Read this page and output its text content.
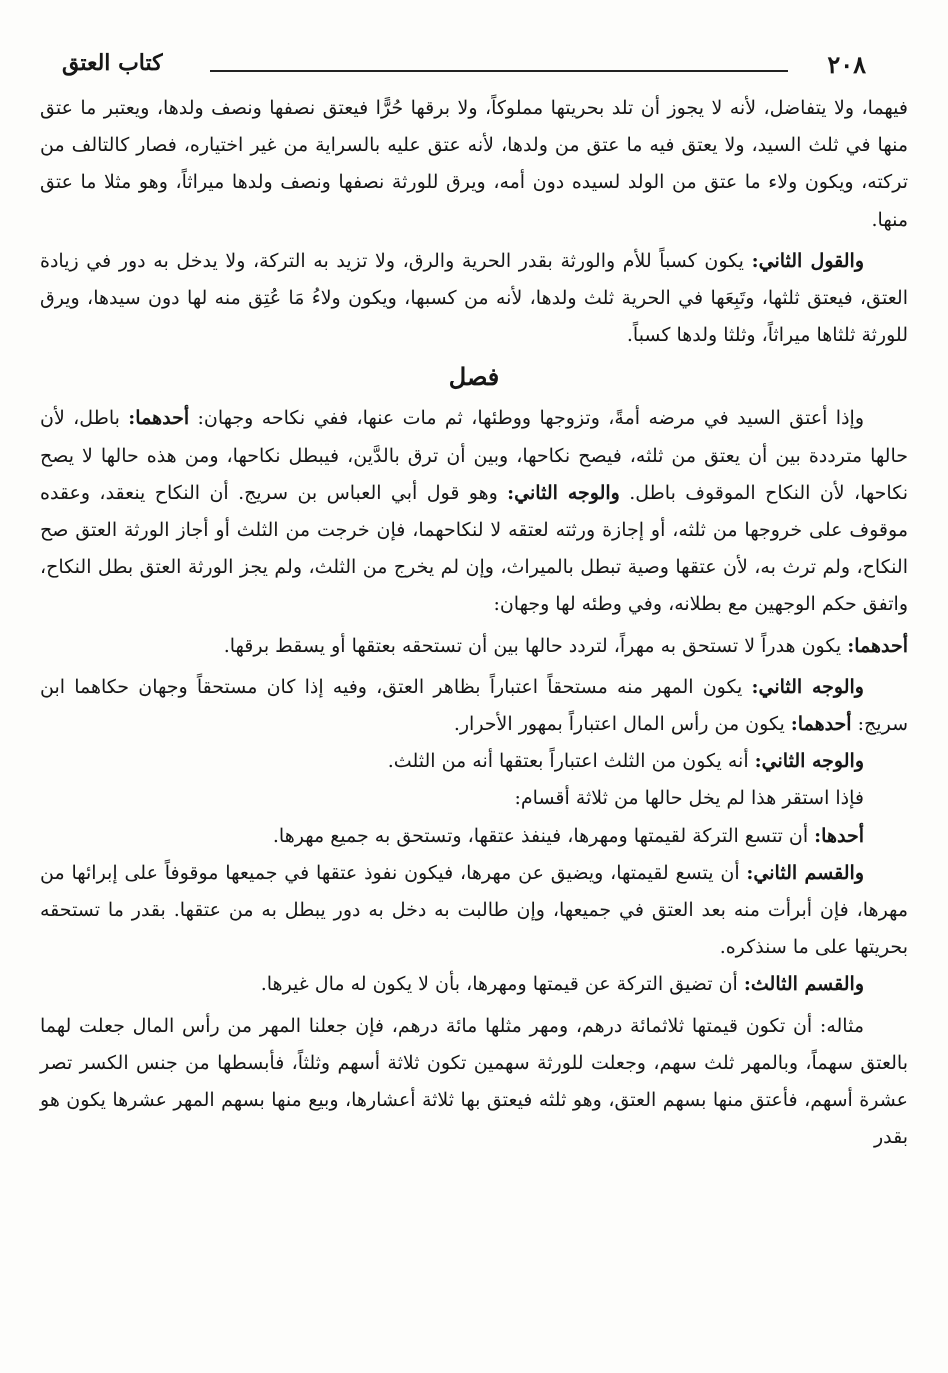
٢٠٨
كتاب العتق

فيهما، ولا يتفاضل، لأنه لا يجوز أن تلد بحريتها مملوكاً، ولا برقها حُرًّا فيعتق نصفها ونصف ولدها، ويعتبر ما عتق منها في ثلث السيد، ولا يعتق فيه ما عتق من ولدها، لأنه عتق عليه بالسراية من غير اختياره، فصار كالتالف من تركته، ويكون ولاء ما عتق من الولد لسيده دون أمه، ويرق للورثة نصفها ونصف ولدها ميراثاً، وهو مثلا ما عتق منها.

والقول الثاني: يكون كسباً للأم والورثة بقدر الحرية والرق، ولا تزيد به التركة، ولا يدخل به دور في زيادة العتق، فيعتق ثلثها، وتَبِعَها في الحرية ثلث ولدها، لأنه من كسبها، ويكون ولاءُ مَا عُتِق منه لها دون سيدها، ويرق للورثة ثلثاها ميراثاً، وثلثا ولدها كسباً.

فصل

وإذا أعتق السيد في مرضه أمةً، وتزوجها ووطئها، ثم مات عنها، ففي نكاحه وجهان: أحدهما: باطل، لأن حالها مترددة بين أن يعتق من ثلثه، فيصح نكاحها، وبين أن ترق بالدَّين، فيبطل نكاحها، ومن هذه حالها لا يصح نكاحها، لأن النكاح الموقوف باطل. والوجه الثاني: وهو قول أبي العباس بن سريج. أن النكاح ينعقد، وعقده موقوف على خروجها من ثلثه، أو إجازة ورثته لعتقه لا لنكاحهما، فإن خرجت من الثلث أو أجاز الورثة العتق صح النكاح، ولم ترث به، لأن عتقها وصية تبطل بالميراث، وإن لم يخرج من الثلث، ولم يجز الورثة العتق بطل النكاح، واتفق حكم الوجهين مع بطلانه، وفي وطئه لها وجهان:

أحدهما: يكون هدراً لا تستحق به مهراً، لتردد حالها بين أن تستحقه بعتقها أو يسقط برقها.

والوجه الثاني: يكون المهر منه مستحقاً اعتباراً بظاهر العتق، وفيه إذا كان مستحقاً وجهان حكاهما ابن سريج: أحدهما: يكون من رأس المال اعتباراً بمهور الأحرار.

والوجه الثاني: أنه يكون من الثلث اعتباراً بعتقها أنه من الثلث.

فإذا استقر هذا لم يخل حالها من ثلاثة أقسام:

أحدها: أن تتسع التركة لقيمتها ومهرها، فينفذ عتقها، وتستحق به جميع مهرها.

والقسم الثاني: أن يتسع لقيمتها، ويضيق عن مهرها، فيكون نفوذ عتقها في جميعها موقوفاً على إبرائها من مهرها، فإن أبرأت منه بعد العتق في جميعها، وإن طالبت به دخل به دور يبطل به من عتقها. بقدر ما تستحقه بحريتها على ما سنذكره.

والقسم الثالث: أن تضيق التركة عن قيمتها ومهرها، بأن لا يكون له مال غيرها.

مثاله: أن تكون قيمتها ثلاثمائة درهم، ومهر مثلها مائة درهم، فإن جعلنا المهر من رأس المال جعلت لهما بالعتق سهماً، وبالمهر ثلث سهم، وجعلت للورثة سهمين تكون ثلاثة أسهم وثلثاً، فأبسطها من جنس الكسر تصر عشرة أسهم، فأعتق منها بسهم العتق، وهو ثلثه فيعتق بها ثلاثة أعشارها، وبيع منها بسهم المهر عشرها يكون هو بقدر
